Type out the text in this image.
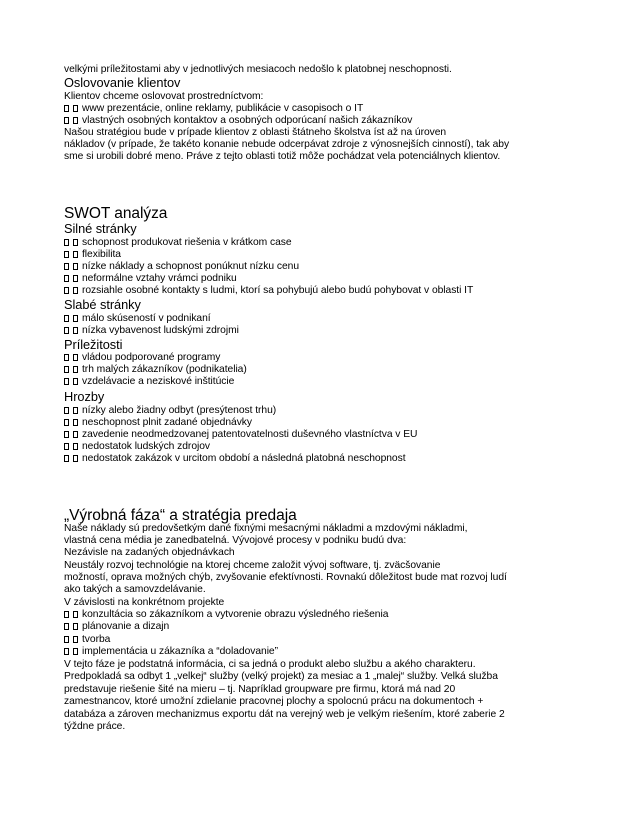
velkými príležitostami aby v jednotlivých mesiacoch nedošlo k platobnej neschopnosti.
Oslovovanie klientov
Klientov chceme oslovovat prostredníctvom:
www prezentácie, online reklamy, publikácie v casopisoch o IT
vlastných osobných kontaktov a osobných odporúcaní našich zákazníkov
Našou stratégiou bude v prípade klientov z oblasti štátneho školstva íst až na úroven
nákladov (v prípade, že takéto konanie nebude odcerpávat zdroje z výnosnejších cinností), tak aby
sme si urobili dobré meno. Práve z tejto oblasti totiž môže pochádzat vela potenciálnych klientov.
SWOT analýza
Silné stránky
schopnost produkovat riešenia v krátkom case
flexibilita
nízke náklady a schopnost ponúknut nízku cenu
neformálne vztahy vrámci podniku
rozsiahle osobné kontakty s ludmi, ktorí sa pohybujú alebo budú pohybovat v oblasti IT
Slabé stránky
málo skúseností v podnikaní
nízka vybavenost ludskými zdrojmi
Príležitosti
vládou podporované programy
trh malých zákazníkov (podnikatelia)
vzdelávacie a neziskové inštitúcie
Hrozby
nízky alebo žiadny odbyt (presýtenost trhu)
neschopnost plnit zadané objednávky
zavedenie neodmedzovanej patentovatelnosti duševného vlastníctva v EU
nedostatok ludských zdrojov
nedostatok zakázok v urcitom období a následná platobná neschopnost
„Výrobná fáza“ a stratégia predaja
Naše náklady sú predovšetkým dané fixnými mesacnými nákladmi a mzdovými nákladmi,
vlastná cena média je zanedbatelná. Vývojové procesy v podniku budú dva:
Nezávisle na zadaných objednávkach
Neustály rozvoj technológie na ktorej chceme založit vývoj software, tj. zväcšovanie
možností, oprava možných chýb, zvyšovanie efektívnosti. Rovnakú dôležitost bude mat rozvoj ludí
ako takých a samovzdelávanie.
V závislosti na konkrétnom projekte
konzultácia so zákazníkom a vytvorenie obrazu výsledného riešenia
plánovanie a dizajn
tvorba
implementácia u zákazníka a “doladovanie”
V tejto fáze je podstatná informácia, ci sa jedná o produkt alebo službu a akého charakteru.
Predpokladá sa odbyt 1 „velkej“ služby (velký projekt) za mesiac a 1 „malej“ služby. Velká služba
predstavuje riešenie šité na mieru – tj. Napríklad groupware pre firmu, ktorá má nad 20
zamestnancov, ktoré umožní zdielanie pracovnej plochy a spolocnú prácu na dokumentoch +
databáza a zároven mechanizmus exportu dát na verejný web je velkým riešením, ktoré zaberie 2
týždne práce.
